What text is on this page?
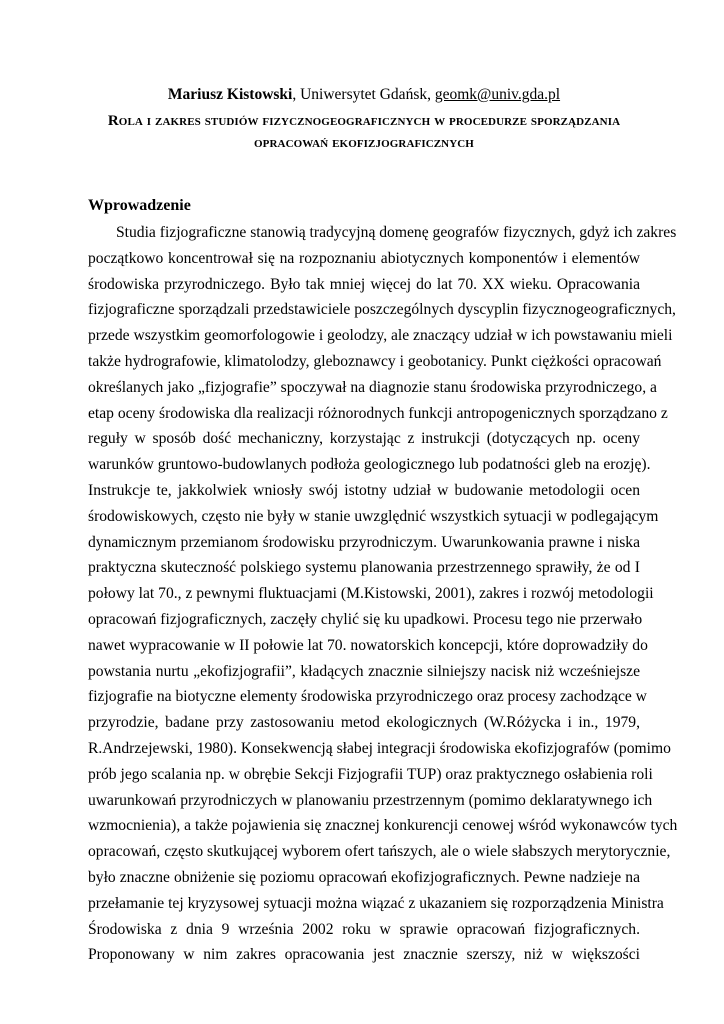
Mariusz Kistowski, Uniwersytet Gdańsk, geomk@univ.gda.pl
Rola i zakres studiów fizycznogeograficznych w procedurze sporządzania
opracowań ekofizjograficznych
Wprowadzenie
Studia fizjograficzne stanowią tradycyjną domenę geografów fizycznych, gdyż ich zakres
początkowo koncentrował się na rozpoznaniu abiotycznych komponentów i elementów
środowiska przyrodniczego. Było tak mniej więcej do lat 70. XX wieku. Opracowania
fizjograficzne sporządzali przedstawiciele poszczególnych dyscyplin fizycznogeograficznych,
przede wszystkim geomorfologowie i geolodzy, ale znaczący udział w ich powstawaniu mieli
także hydrografowie, klimatolodzy, gleboznawcy i geobotanicy. Punkt ciężkości opracowań
określanych jako „fizjografie” spoczywał na diagnozie stanu środowiska przyrodniczego, a
etap oceny środowiska dla realizacji różnorodnych funkcji antropogenicznych sporządzano z
reguły w sposób dość mechaniczny, korzystając z instrukcji (dotyczących np. oceny
warunków gruntowo-budowlanych podłoża geologicznego lub podatności gleb na erozję).
Instrukcje te, jakkolwiek wniosły swój istotny udział w budowanie metodologii ocen
środowiskowych, często nie były w stanie uwzględnić wszystkich sytuacji w podlegającym
dynamicznym przemianom środowisku przyrodniczym. Uwarunkowania prawne i niska
praktyczna skuteczność polskiego systemu planowania przestrzennego sprawiły, że od I
połowy lat 70., z pewnymi fluktuacjami (M.Kistowski, 2001), zakres i rozwój metodologii
opracowań fizjograficznych, zaczęły chylić się ku upadkowi. Procesu tego nie przerwało
nawet wypracowanie w II połowie lat 70. nowatorskich koncepcji, które doprowadziły do
powstania nurtu „ekofizjografii”, kładących znacznie silniejszy nacisk niż wcześniejsze
fizjografie na biotyczne elementy środowiska przyrodniczego oraz procesy zachodzące w
przyrodzie, badane przy zastosowaniu metod ekologicznych (W.Różycka i in., 1979,
R.Andrzejewski, 1980). Konsekwencją słabej integracji środowiska ekofizjografów (pomimo
prób jego scalania np. w obrębie Sekcji Fizjografii TUP) oraz praktycznego osłabienia roli
uwarunkowań przyrodniczych w planowaniu przestrzennym (pomimo deklaratywnego ich
wzmocnienia), a także pojawienia się znacznej konkurencji cenowej wśród wykonawców tych
opracowań, często skutkującej wyborem ofert tańszych, ale o wiele słabszych merytorycznie,
było znaczne obniżenie się poziomu opracowań ekofizjograficznych. Pewne nadzieje na
przełamanie tej kryzysowej sytuacji można wiązać z ukazaniem się rozporządzenia Ministra
Środowiska z dnia 9 września 2002 roku w sprawie opracowań fizjograficznych.
Proponowany w nim zakres opracowania jest znacznie szerszy, niż w większości
